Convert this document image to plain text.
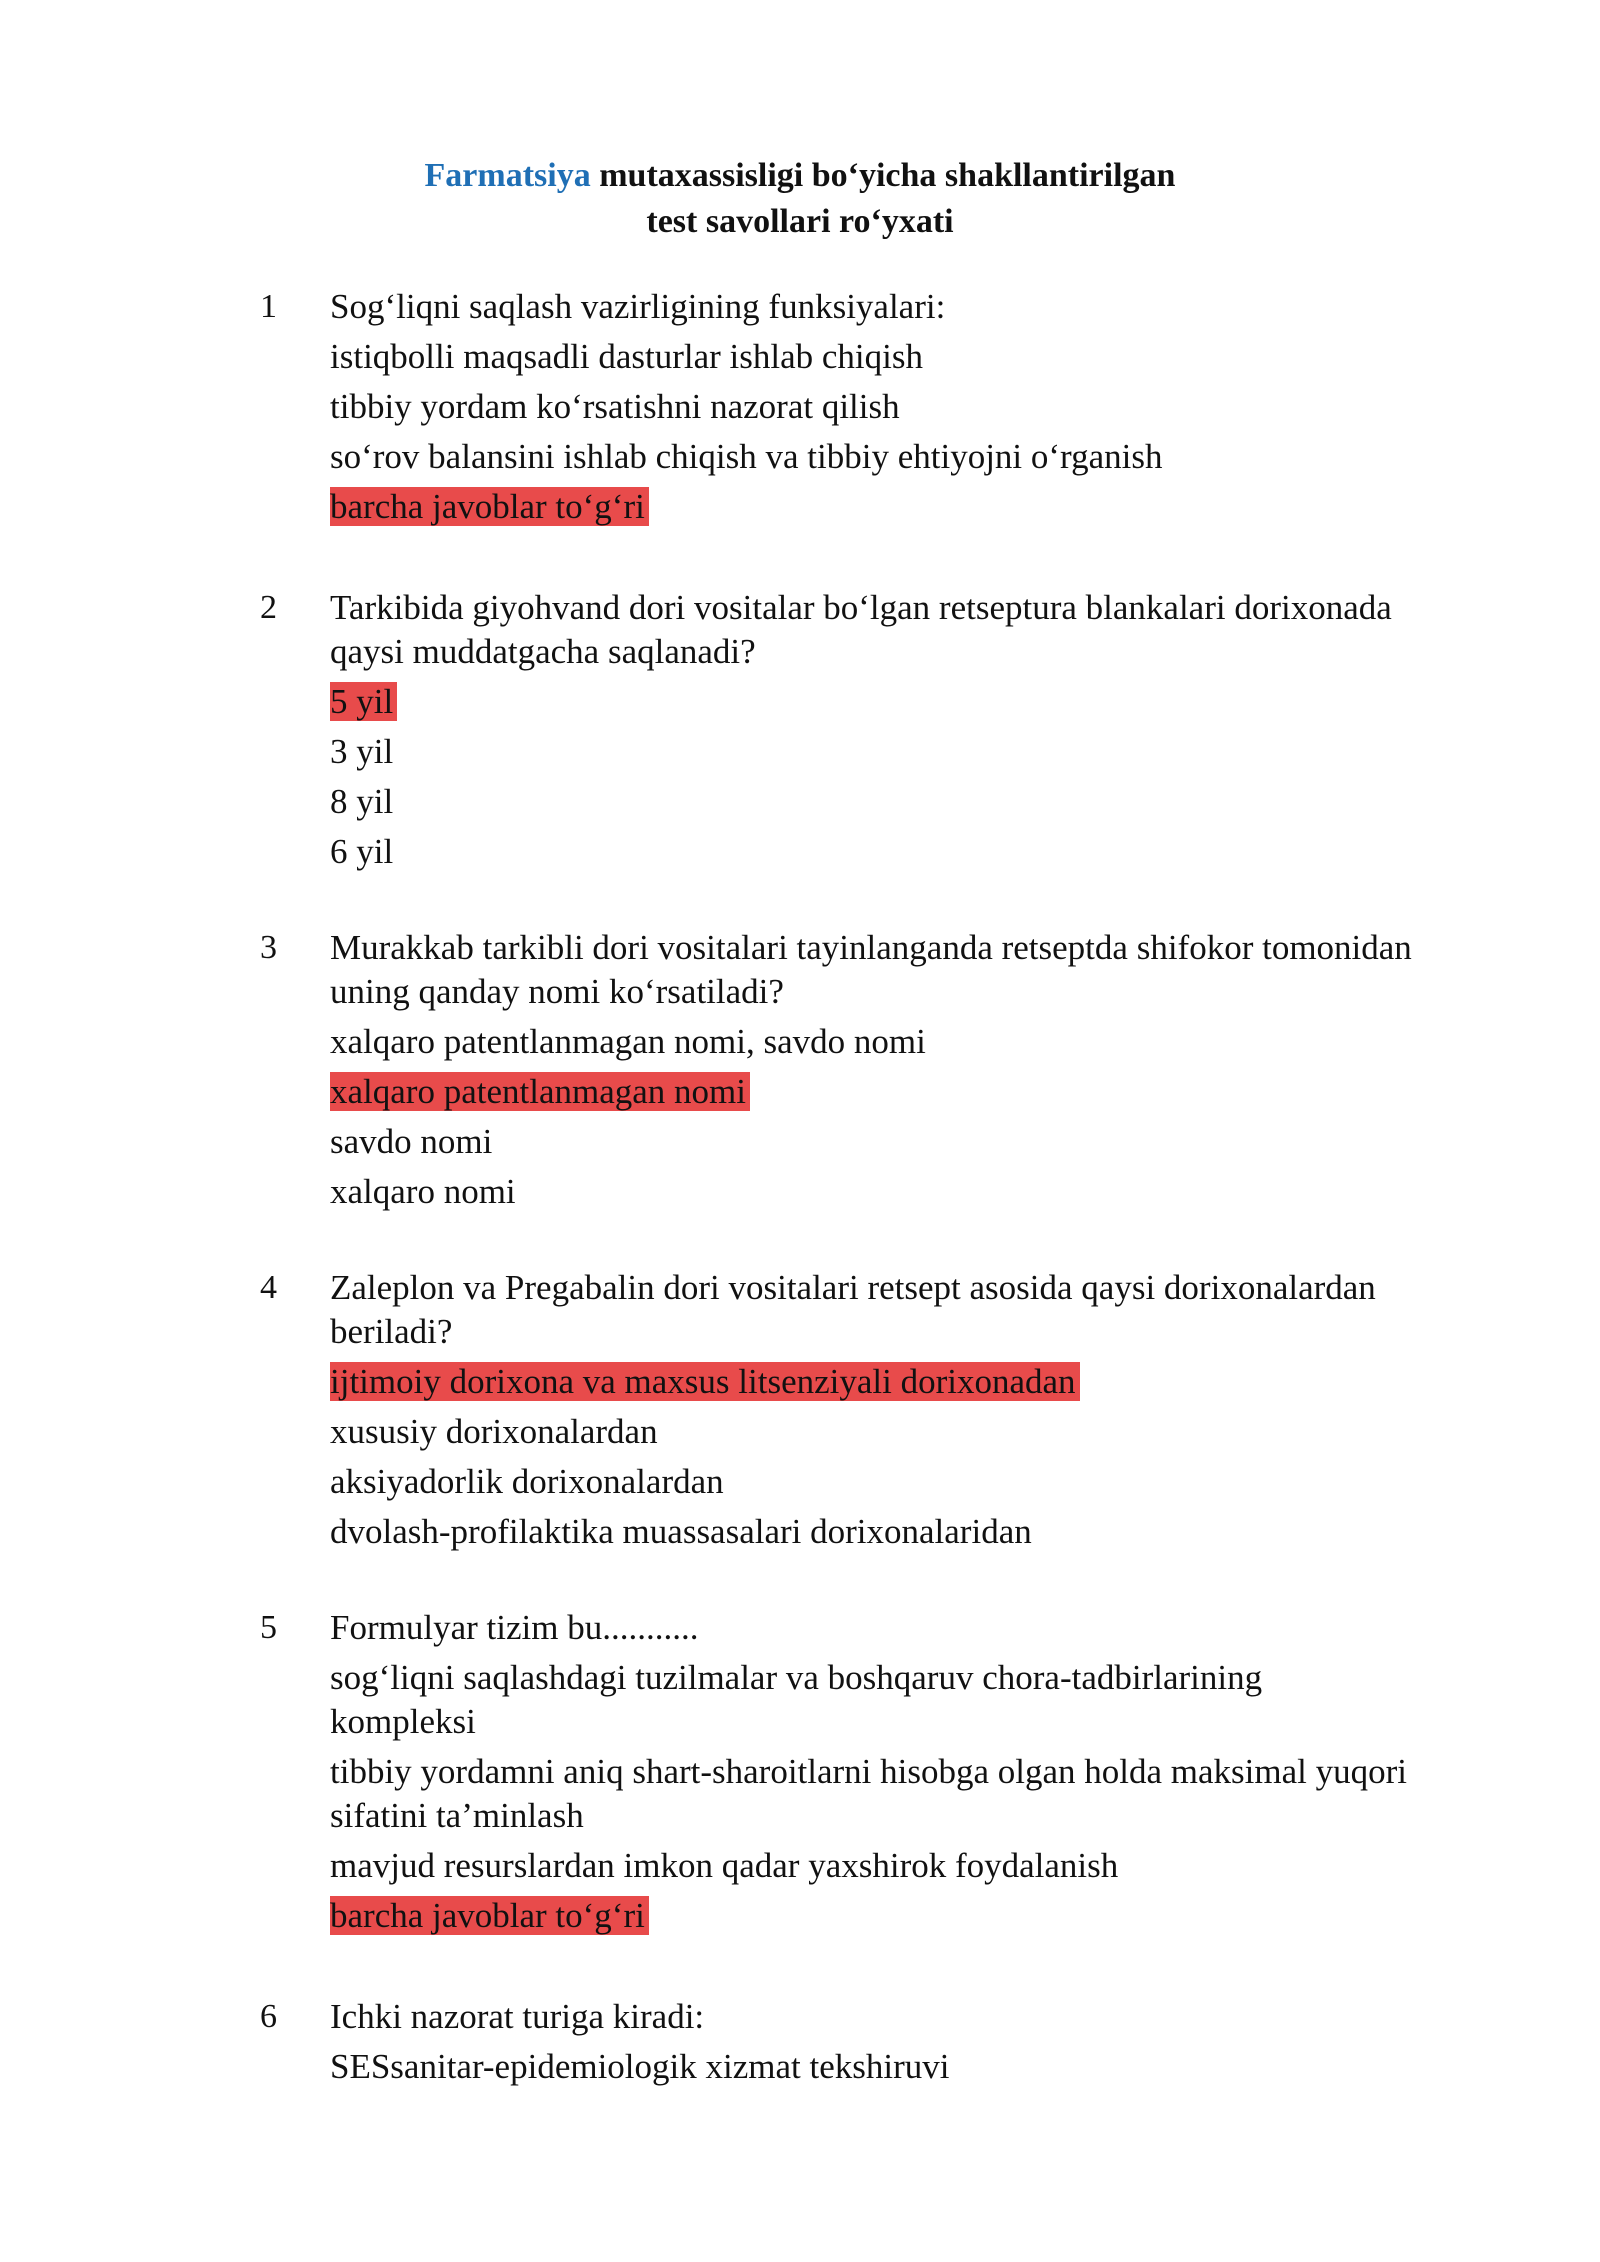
Farmatsiya mutaxassisligi bo‘yicha shakllantirilgan
test savollari ro‘yxati
1 Sog‘liqni saqlash vazirligining funksiyalari:
istiqbolli maqsadli dasturlar ishlab chiqish
tibbiy yordam ko‘rsatishni nazorat qilish
so‘rov balansini ishlab chiqish va tibbiy ehtiyojni o‘rganish
barcha javoblar to‘g‘ri
2 Tarkibida giyohvand dori vositalar bo‘lgan retseptura blankalari dorixonada qaysi muddatgacha saqlanadi?
5 yil
3 yil
8 yil
6 yil
3 Murakkab tarkibli dori vositalari tayinlanganda retseptda shifokor tomonidan uning qanday nomi ko‘rsatiladi?
xalqaro patentlanmagan nomi, savdo nomi
xalqaro patentlanmagan nomi
savdo nomi
xalqaro nomi
4 Zaleplon va Pregabalin dori vositalari retsept asosida qaysi dorixonalardan beriladi?
ijtimoiy dorixona va maxsus litsenziyali dorixonadan
xususiy dorixonalardan
aksiyadorlik dorixonalardan
dvolash-profilaktika muassasalari dorixonalaridan
5 Formulyar tizim bu...........
sog‘liqni saqlashdagi tuzilmalar va boshqaruv chora-tadbirlarining kompleksi
tibbiy yordamni aniq shart-sharoitlarni hisobga olgan holda maksimal yuqori sifatini ta’minlash
mavjud resurslardan imkon qadar yaxshirok foydalanish
barcha javoblar to‘g‘ri
6 Ichki nazorat turiga kiradi:
SESsanitar-epidemiologik xizmat tekshiruvi
